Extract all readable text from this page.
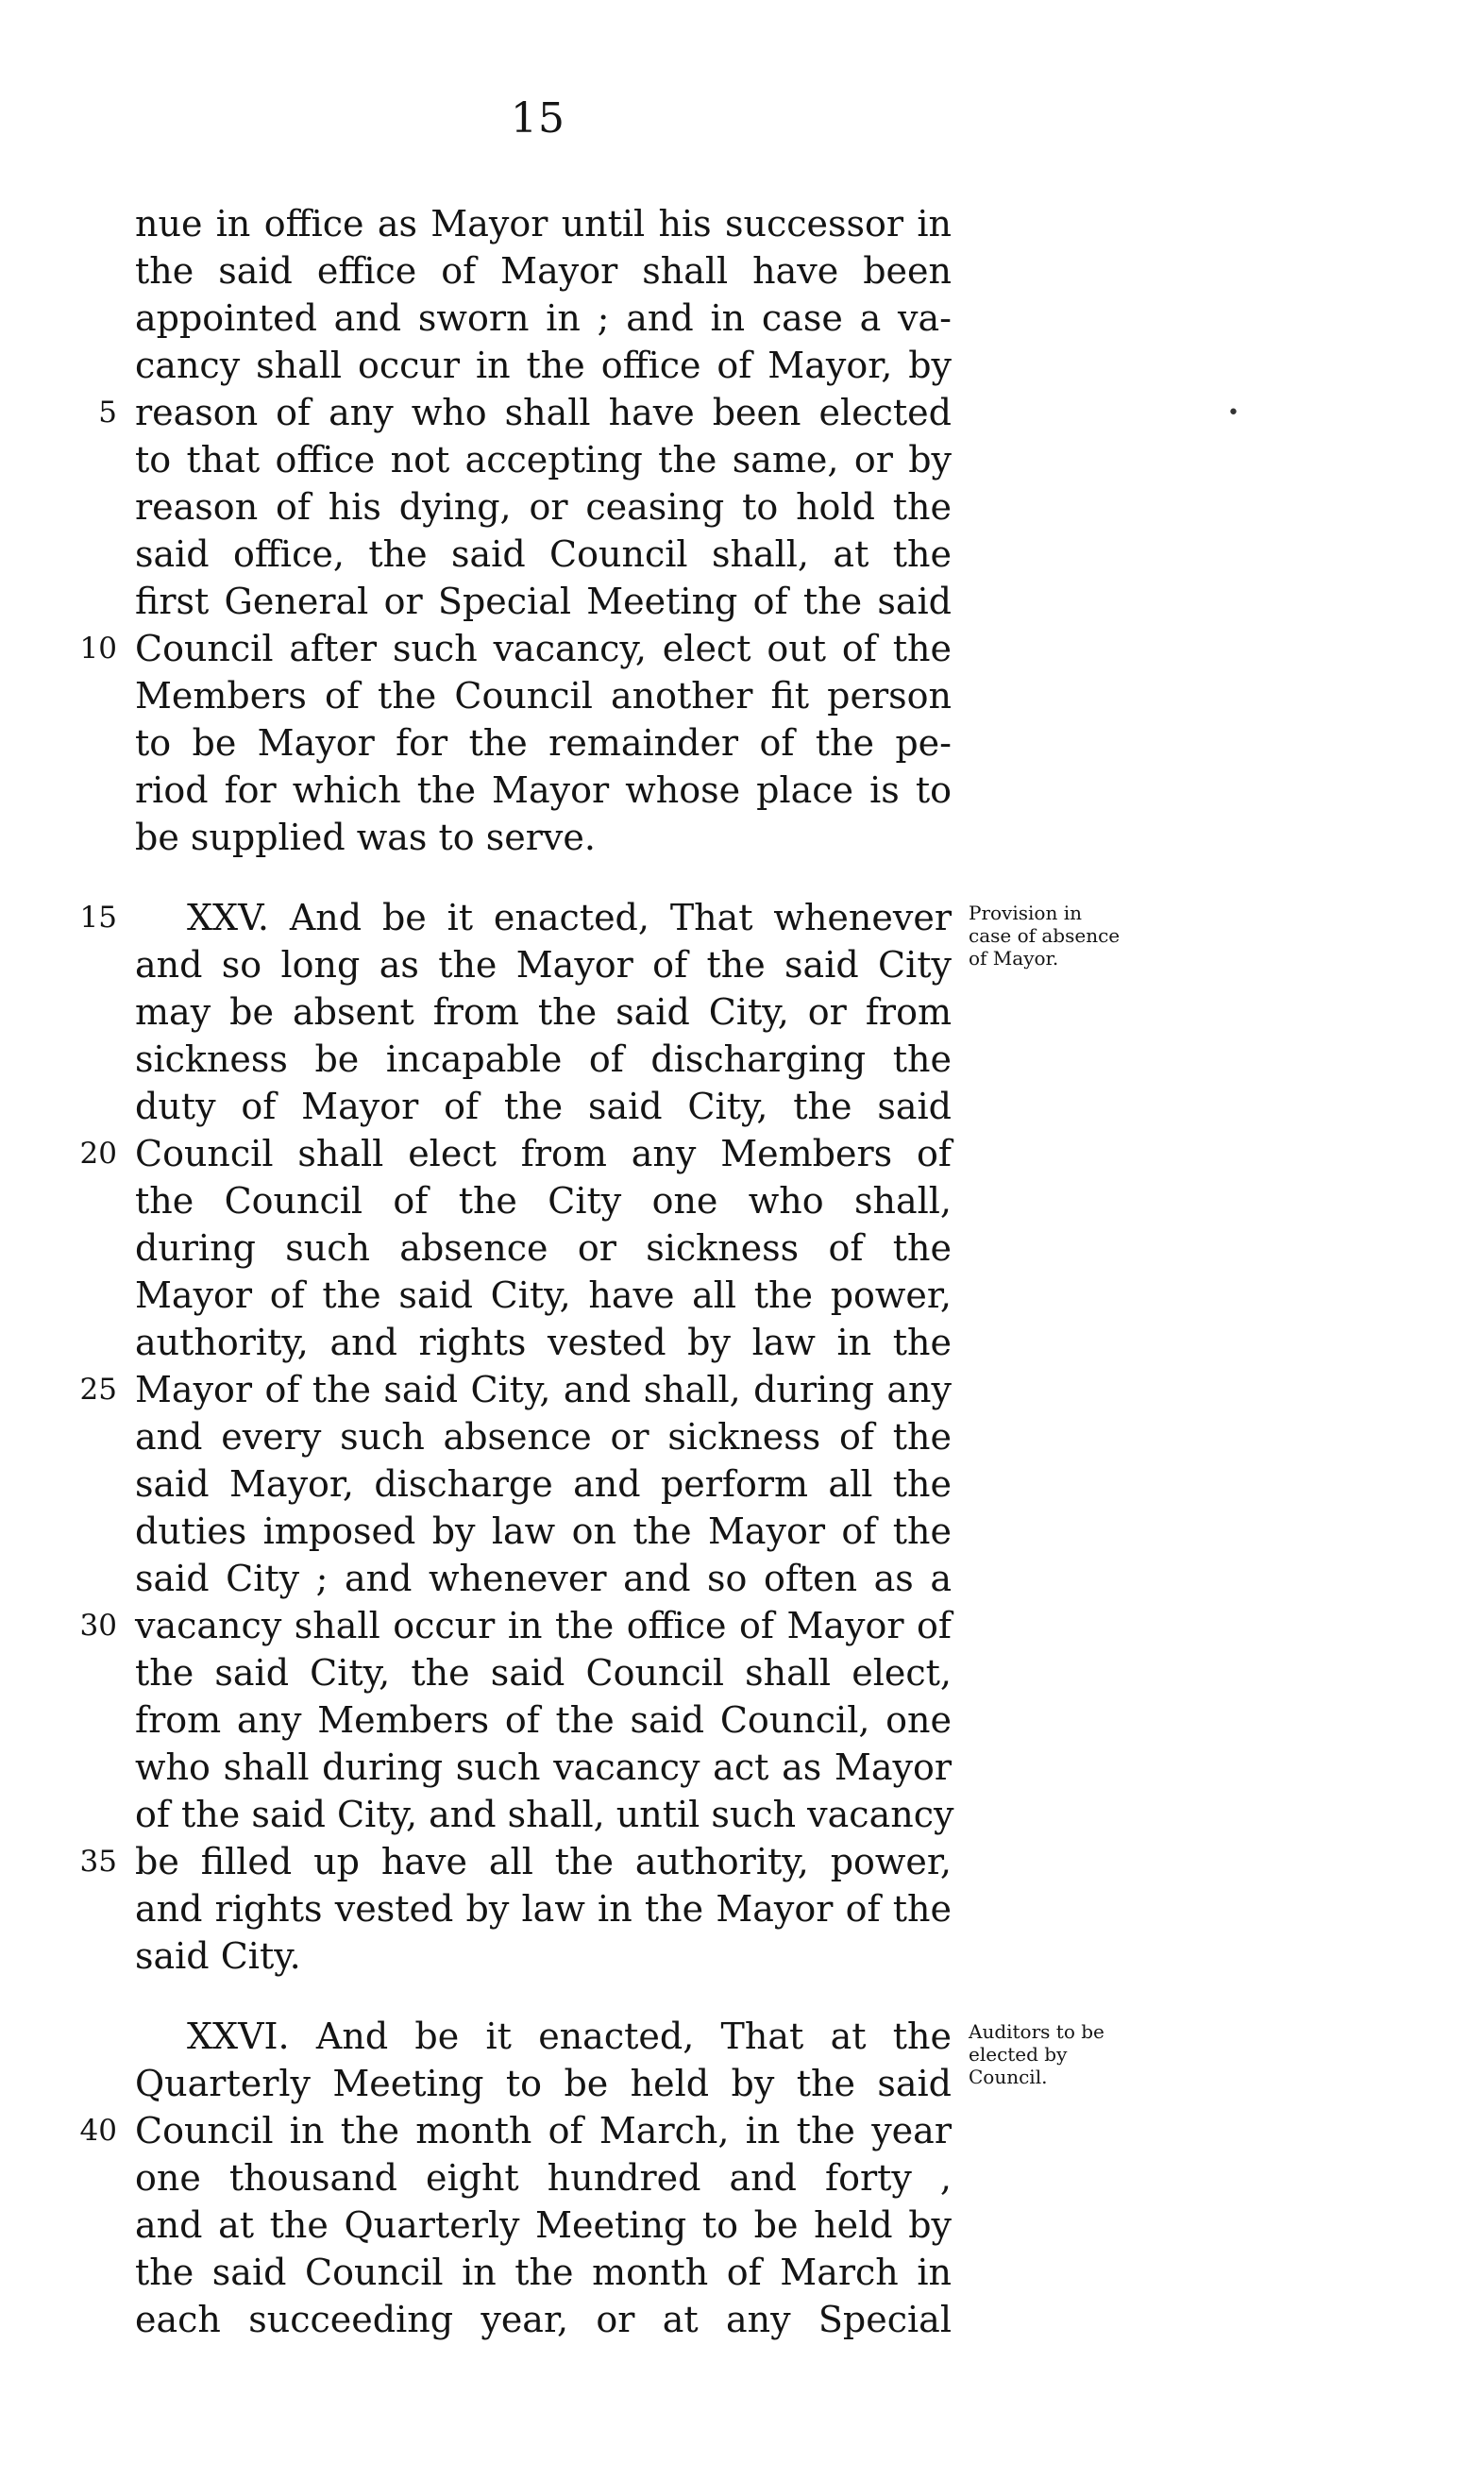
15
nue in office as Mayor until his successor in
the said effice of Mayor shall have been
appointed and sworn in ; and in case a va-
cancy shall occur in the office of Mayor, by
reason of any who shall have been elected
to that office not accepting the same, or by
reason of his dying, or ceasing to hold the
said office, the said Council shall, at the
first General or Special Meeting of the said
Council after such vacancy, elect out of the
Members of the Council another fit person
to be Mayor for the remainder of the pe-
riod for which the Mayor whose place is to
be supplied was to serve.
XXV. And be it enacted, That whenever
and so long as the Mayor of the said City
may be absent from the said City, or from
sickness be incapable of discharging the
duty of Mayor of the said City, the said
Council shall elect from any Members of
the Council of the City one who shall,
during such absence or sickness of the
Mayor of the said City, have all the power,
authority, and rights vested by law in the
Mayor of the said City, and shall, during any
and every such absence or sickness of the
said Mayor, discharge and perform all the
duties imposed by law on the Mayor of the
said City ; and whenever and so often as a
vacancy shall occur in the office of Mayor of
the said City, the said Council shall elect,
from any Members of the said Council, one
who shall during such vacancy act as Mayor
of the said City, and shall, until such vacancy
be filled up have all the authority, power,
and rights vested by law in the Mayor of the
said City.
XXVI. And be it enacted, That at the
Quarterly Meeting to be held by the said
Council in the month of March, in the year
one thousand eight hundred and forty ,
and at the Quarterly Meeting to be held by
the said Council in the month of March in
each succeeding year, or at any Special
5
10
15
20
25
30
35
40
Provision in
case of absence
of Mayor.
Auditors to be
elected by
Council.
•
